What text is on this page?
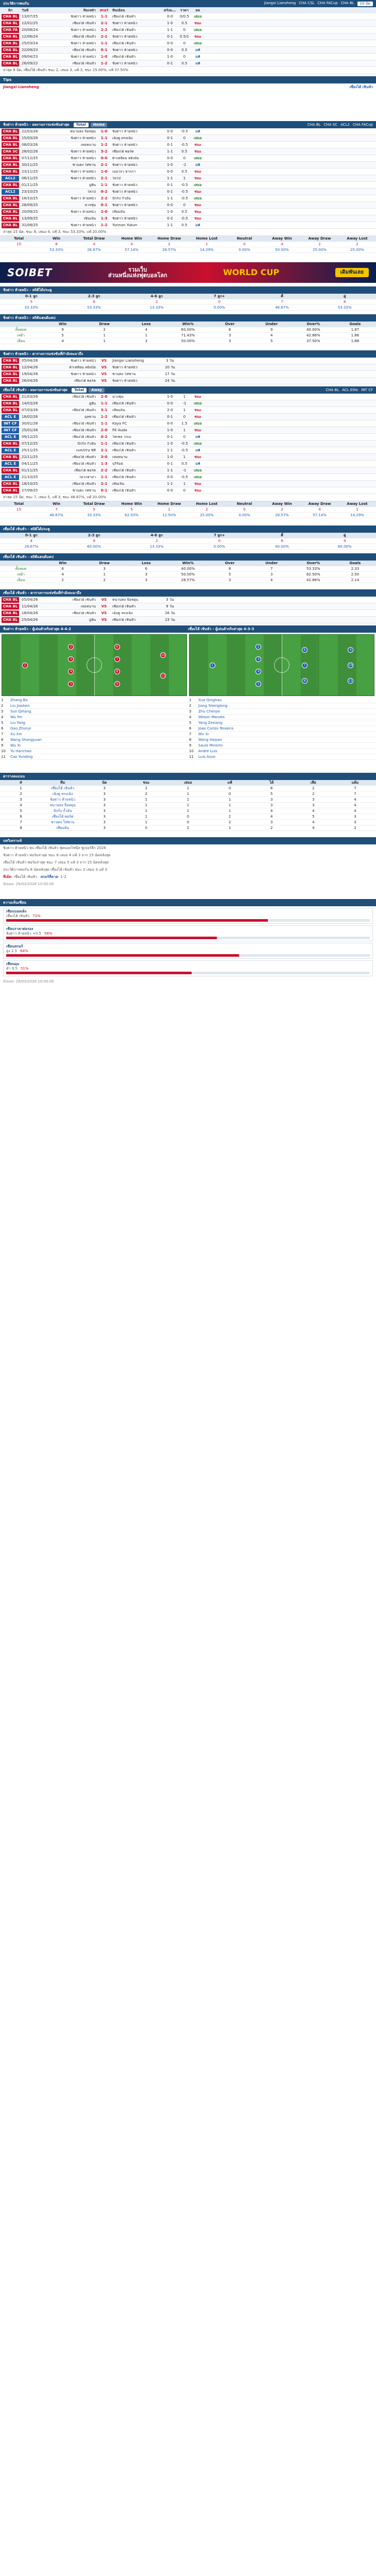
ประวัติการพบกัน	Jiangxi Liansheng CHA CSL CHA FACup CHA BL	10 นัด
ลีก	วันที่	ทีมเหย้า	สกอร์	ทีมเยือน	ครึ่งแรก	ราคา	ผล
CHA BL	13/07/25	ชิงต่าว ห้ายหนิว	1-1	เซี่ยงไฮ้ เชินหัว	0-0	0/0.5	เสมอ
CHA BL	12/01/25	เซี่ยงไฮ้ เชินหัว	2-1	ชิงต่าว ห้ายหนิว	1-0	0.5	ชนะ
CHA FA	20/08/24	ชิงต่าว ห้ายหนิว	2-2	เซี่ยงไฮ้ เชินหัว	1-1	0	เสมอ
CHA BL	12/06/24	เซี่ยงไฮ้ เชินหัว	2-1	ชิงต่าว ห้ายหนิว	0-1	0.5/1	ชนะ
CHA BL	25/03/24	ชิงต่าว ห้ายหนิว	1-1	เซี่ยงไฮ้ เชินหัว	0-0	0	เสมอ
CHA BL	22/09/23	เซี่ยงไฮ้ เชินหัว	0-1	ชิงต่าว ห้ายหนิว	0-0	0.5	แพ้
CHA BL	09/04/23	ชิงต่าว ห้ายหนิว	1-0	เซี่ยงไฮ้ เชินหัว	1-0	0	แพ้
CHA BL	26/09/22	เซี่ยงไฮ้ เชินหัว	1-2	ชิงต่าว ห้ายหนิว	0-1	0.5	แพ้
ล่าสุด 8 นัด, เซี่ยงไฮ้ เชินหัว ชนะ 2, เสมอ 3, แพ้ 3, ชนะ 25.00%, แพ้ 37.50%
Tips
Jiangxi Liansheng	เซี่ยงไฮ้ เชินหัว
ชิงต่าว ห้ายหนิว - ผลงานการแข่งขันล่าสุด	Total	Home	CHA BL CHA SC ACL2 CHA FACup
CHA BL	22/03/26	หนานทง จือหยุน	1-0	ชิงต่าว ห้ายหนิว	0-0	-0.5	แพ้
CHA BL	15/03/26	ชิงต่าว ห้ายหนิว	1-1	เฉิงตู หรงเฉิง	0-1	0	เสมอ
CHA BL	08/03/26	เหอหนาน	1-2	ชิงต่าว ห้ายหนิว	0-1	-0.5	ชนะ
CHA SC	28/02/26	ชิงต่าว ห้ายหนิว	3-2	เซี่ยงไฮ้ พอร์ต	1-1	0.5	ชนะ
CHA BL	07/12/25	ชิงต่าว ห้ายหนิว	0-0	ต้าเหลียน หยิงป๋อ	0-0	0	เสมอ
CHA BL	30/11/25	ซานตง ไท่ซาน	2-1	ชิงต่าว ห้ายหนิว	1-0	-1	แพ้
CHA BL	23/11/25	ชิงต่าว ห้ายหนิว	1-0	เมยโจว ฮากกา	0-0	0.5	ชนะ
ACL2	06/11/25	ชิงต่าว ห้ายหนิว	2-1	ไทโป	1-1	1	ชนะ
CHA BL	01/11/25	อู่ฮั่น	1-1	ชิงต่าว ห้ายหนิว	0-1	-0.5	เสมอ
ACL2	23/10/25	ไทโป	0-2	ชิงต่าว ห้ายหนิว	0-1	-0.5	ชนะ
CHA BL	18/10/25	ชิงต่าว ห้ายหนิว	2-2	ปักกิ่ง กั๋วอัน	1-1	-0.5	เสมอ
CHA BL	28/09/25	ฉางชุน	0-1	ชิงต่าว ห้ายหนิว	0-0	0	ชนะ
CHA BL	20/09/25	ชิงต่าว ห้ายหนิว	2-0	เทียนจิน	1-0	0.5	ชนะ
CHA BL	13/09/25	เซินเจิ้น	1-3	ชิงต่าว ห้ายหนิว	0-2	-0.5	ชนะ
CHA BL	31/08/25	ชิงต่าว ห้ายหนิว	1-2	Yunnan Yukun	1-1	0.5	แพ้
ล่าสุด 15 นัด, ชนะ 8, เสมอ 4, แพ้ 3, ชนะ 53.33%, แพ้ 20.00%
Total	Win	Total Draw	Home Win	Home Draw	Home Lost	Neutral	Away Win	Away Draw	Away Lost
15	8	4	4	2	1	0	4	2	2
53.33%	26.67%	57.14%	28.57%	14.29%	0.00%	50.00%	25.00%	25.00%
SOIBET	รวมเว็บ
ส่วนหนึ่งแห่งฟุตบอลโลก	WORLD CUP	เดิมพันเลย
ชิงต่าว ห้ายหนิว - สถิติได้ประตู
0-1 ลูก	2-3 ลูก	4-6 ลูก	7 ลูก+	คี่	คู่
5	8	2	0	7	8
33.33%	53.33%	13.33%	0.00%	46.67%	53.33%
ชิงต่าว ห้ายหนิว - สถิติแฮนดิแคป
Win	Draw	Loss	Win%	Over	Under	Over%	Goals
ทั้งหมด	9	2	4	60.00%	6	9	40.00%	1.87
เหย้า	5	1	1	71.43%	3	4	42.86%	1.86
เยือน	4	1	3	50.00%	3	5	37.50%	1.88
ชิงต่าว ห้ายหนิว - ตารางการแข่งขันที่กำลังจะมาถึง
CHA BL	05/04/26	ชิงต่าว ห้ายหนิว	VS	Jiangxi Liansheng	3 วัน
CHA BL	12/04/26	ต้าเหลียน หยิงป๋อ	VS	ชิงต่าว ห้ายหนิว	10 วัน
CHA BL	19/04/26	ชิงต่าว ห้ายหนิว	VS	ซานตง ไท่ซาน	17 วัน
CHA BL	26/04/26	เซี่ยงไฮ้ พอร์ต	VS	ชิงต่าว ห้ายหนิว	24 วัน
เซี่ยงไฮ้ เชินหัว - ผลงานการแข่งขันล่าสุด	Total	Away	CHA BL ACL Elite INT CF
CHA BL	21/03/26	เซี่ยงไฮ้ เชินหัว	2-0	ฉางชุน	1-0	1	ชนะ
CHA BL	14/03/26	อู่ฮั่น	1-1	เซี่ยงไฮ้ เชินหัว	0-0	-1	เสมอ
CHA BL	07/03/26	เซี่ยงไฮ้ เชินหัว	3-1	เทียนจิน	2-0	1	ชนะ
ACL E	18/02/26	อุลซาน	1-2	เซี่ยงไฮ้ เชินหัว	0-1	0	ชนะ
INT CF	30/01/26	เซี่ยงไฮ้ เชินหัว	1-1	Kaya FC	0-0	1.5	เสมอ
INT CF	25/01/26	เซี่ยงไฮ้ เชินหัว	2-0	FK Auda	1-0	1	ชนะ
ACL E	09/12/25	เซี่ยงไฮ้ เชินหัว	0-2	วิสเซล โกเบ	0-1	0	แพ้
CHA BL	07/12/25	ปักกิ่ง กั๋วอัน	1-1	เซี่ยงไฮ้ เชินหัว	1-0	-0.5	เสมอ
ACL E	25/11/25	เมลเบิร์น ซิตี้	2-1	เซี่ยงไฮ้ เชินหัว	1-1	-0.5	แพ้
CHA BL	22/11/25	เซี่ยงไฮ้ เชินหัว	3-0	เหอหนาน	1-0	1	ชนะ
ACL E	04/11/25	เซี่ยงไฮ้ เชินหัว	1-3	บุรีรัมย์	0-1	0.5	แพ้
CHA BL	01/11/25	เซี่ยงไฮ้ พอร์ต	2-2	เซี่ยงไฮ้ เชินหัว	1-1	-1	เสมอ
ACL E	21/10/25	โยโกฮาม่า	1-1	เซี่ยงไฮ้ เชินหัว	0-0	-0.5	เสมอ
CHA BL	18/10/25	เซี่ยงไฮ้ เชินหัว	2-1	เซินเจิ้น	1-1	1	ชนะ
CHA BL	27/09/25	ซานตง ไท่ซาน	0-1	เซี่ยงไฮ้ เชินหัว	0-0	0	ชนะ
ล่าสุด 15 นัด, ชนะ 7, เสมอ 5, แพ้ 3, ชนะ 46.67%, แพ้ 20.00%
Total	Win	Total Draw	Home Win	Home Draw	Home Lost	Neutral	Away Win	Away Draw	Away Lost
15	7	5	5	1	2	0	2	4	1
46.67%	33.33%	62.50%	12.50%	25.00%	0.00%	28.57%	57.14%	14.29%
เซี่ยงไฮ้ เชินหัว - สถิติได้ประตู
0-1 ลูก	2-3 ลูก	4-6 ลูก	7 ลูก+	คี่	คู่
4	9	2	0	6	9
26.67%	60.00%	13.33%	0.00%	40.00%	60.00%
เซี่ยงไฮ้ เชินหัว - สถิติแฮนดิแคป
Win	Draw	Loss	Win%	Over	Under	Over%	Goals
ทั้งหมด	6	3	6	40.00%	8	7	53.33%	2.33
เหย้า	4	1	3	50.00%	5	3	62.50%	2.50
เยือน	2	2	3	28.57%	3	4	42.86%	2.14
เซี่ยงไฮ้ เชินหัว - ตารางการแข่งขันที่กำลังจะมาถึง
CHA BL	05/04/26	เซี่ยงไฮ้ เชินหัว	VS	หนานทง จือหยุน	3 วัน
CHA BL	11/04/26	เหอหนาน	VS	เซี่ยงไฮ้ เชินหัว	9 วัน
CHA BL	18/04/26	เซี่ยงไฮ้ เชินหัว	VS	เฉิงตู หรงเฉิง	16 วัน
CHA BL	25/04/26	อู่ฮั่น	VS	เซี่ยงไฮ้ เชินหัว	23 วัน
ชิงต่าว ห้ายหนิว - ผู้เล่นตัวจริงล่าสุด 4-4-2	เซี่ยงไฮ้ เชินหัว - ผู้เล่นตัวจริงล่าสุด 4-3-3
1
2
3
4
5
6
7
8
9
10
11
1
2
3
4
5
6
7
8
9
10
11
1	Zhang Bo
2	Liu Jiashen
3	Sun Qihang
4	Wu Fei
5	Liu Yang
6	Gao Zhunyi
7	Xu Xin
8	Wang Shangyuan
9	Wu Xi
10	Yu Hanchao
11	Cao Yunding
1	Xue Qinghao
2	Jiang Shenglong
3	Zhu Chenjie
4	Wilson Manafa
5	Yang Zexiang
6	Joao Carlos Teixeira
7	Wu Xi
8	Wang Haijian
9	Saulo Mineiro
10	Andre Luis
11	Luis Asue
ตารางคะแนน
#	ทีม	นัด	ชนะ	เสมอ	แพ้	ได้	เสีย	แต้ม
1	เซี่ยงไฮ้ เชินหัว	3	2	1	0	6	2	7
2	เฉิงตู หรงเฉิง	3	2	1	0	5	2	7
3	ชิงต่าว ห้ายหนิว	3	1	1	1	3	3	4
4	หนานทง จือหยุน	3	1	1	1	3	3	4
5	ปักกิ่ง กั๋วอัน	3	1	1	1	4	4	4
6	เซี่ยงไฮ้ พอร์ต	3	1	0	2	4	5	3
7	ซานตง ไท่ซาน	3	1	0	2	3	4	3
8	เทียนจิน	3	0	2	1	2	4	2
บทวิเคราะห์
ชิงต่าว ห้ายหนิว พบ เซี่ยงไฮ้ เชินหัว ฟุตบอลไชนีส ซูเปอร์ลีก 2026
ชิงต่าว ห้ายหนิว ฟอร์มล่าสุด ชนะ 8 เสมอ 4 แพ้ 3 จาก 15 นัดหลังสุด
เซี่ยงไฮ้ เชินหัว ฟอร์มล่าสุด ชนะ 7 เสมอ 5 แพ้ 3 จาก 15 นัดหลังสุด
ประวัติการพบกัน 8 นัดหลังสุด เซี่ยงไฮ้ เชินหัว ชนะ 2 เสมอ 3 แพ้ 3
ทีเด็ด: เซี่ยงไฮ้ เชินหัว สกอร์ที่คาด: 1-2
อัปเดต: 29/03/2026 10:00:00
ความเห็นเซียน
เซียนบอลเต็ง
เซี่ยงไฮ้ เชินหัว 72%
เซียนราคาต่อรอง
ชิงต่าว ห้ายหนิว +0.5 58%
เซียนสกอร์
สูง 2.5 64%
เซียนมุม
ต่ำ 9.5 51%
อัปเดต: 29/03/2026 10:00:00
